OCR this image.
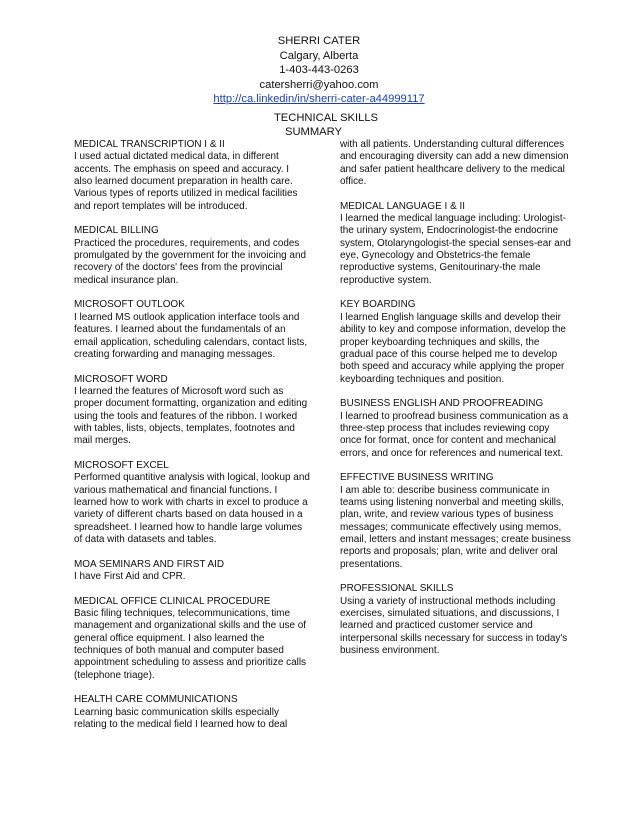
SHERRI CATER
Calgary, Alberta
1-403-443-0263
catersherri@yahoo.com
http://ca.linkedin/in/sherri-cater-a44999117
TECHNICAL SKILLS
SUMMARY
MEDICAL TRANSCRIPTION I & II
I used actual dictated medical data, in different accents. The emphasis on speed and accuracy. I also learned document preparation in health care. Various types of reports utilized in medical facilities and report templates will be introduced.
MEDICAL BILLING
Practiced the procedures, requirements, and codes promulgated by the government for the invoicing and recovery of the doctors' fees from the provincial medical insurance plan.
MICROSOFT OUTLOOK
I learned MS outlook application interface tools and features. I learned about the fundamentals of an email application, scheduling calendars, contact lists, creating forwarding and managing messages.
MICROSOFT WORD
I learned the features of Microsoft word such as proper document formatting, organization and editing using the tools and features of the ribbon. I worked with tables, lists, objects, templates, footnotes and mail merges.
MICROSOFT EXCEL
Performed quantitive analysis with logical, lookup and various mathematical and financial functions. I learned how to work with charts in excel to produce a variety of different charts based on data housed in a spreadsheet. I learned how to handle large volumes of data with datasets and tables.
MOA SEMINARS AND FIRST AID
I have First Aid and CPR.
MEDICAL OFFICE CLINICAL PROCEDURE
Basic filing techniques, telecommunications, time management and organizational skills and the use of general office equipment. I also learned the techniques of both manual and computer based appointment scheduling to assess and prioritize calls (telephone triage).
HEALTH CARE COMMUNICATIONS
Learning basic communication skills especially relating to the medical field I learned how to deal
with all patients. Understanding cultural differences and encouraging diversity can add a new dimension and safer patient healthcare delivery to the medical office.
MEDICAL LANGUAGE I & II
I learned the medical language including: Urologist-the urinary system, Endocrinologist-the endocrine system, Otolaryngologist-the special senses-ear and eye, Gynecology and Obstetrics-the female reproductive systems, Genitourinary-the male reproductive system.
KEY BOARDING
I learned English language skills and develop their ability to key and compose information, develop the proper keyboarding techniques and skills, the gradual pace of this course helped me to develop both speed and accuracy while applying the proper keyboarding techniques and position.
BUSINESS ENGLISH AND PROOFREADING
I learned to proofread business communication as a three-step process that includes reviewing copy once for format, once for content and mechanical errors, and once for references and numerical text.
EFFECTIVE BUSINESS WRITING
I am able to: describe business communicate in teams using listening nonverbal and meeting skills, plan, write, and review various types of business messages; communicate effectively using memos, email, letters and instant messages; create business reports and proposals; plan, write and deliver oral presentations.
PROFESSIONAL SKILLS
Using a variety of instructional methods including exercises, simulated situations, and discussions, I learned and practiced customer service and interpersonal skills necessary for success in today's business environment.
